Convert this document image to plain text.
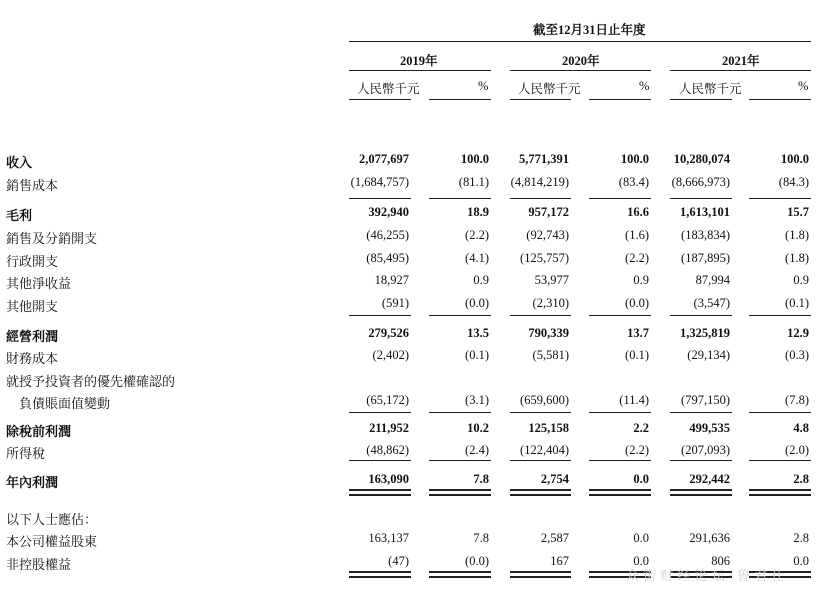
截至12月31日止年度
2019年	2020年	2021年
人民幣千元	% 人民幣千元	% 人民幣千元	%
收入	2,077,697	100.0 5,771,391	100.0 10,280,074	100.0
銷售成本	(1,684,757)	(81.1) (4,814,219)	(83.4) (8,666,973)	(84.3)
毛利	392,940	18.9	957,172	16.6 1,613,101	15.7
銷售及分銷開支	(46,255)	(2.2)	(92,743)	(1.6)	(183,834)	(1.8)
行政開支	(85,495)	(4.1) (125,757)	(2.2)	(187,895)	(1.8)
其他淨收益	18,927	0.9	53,977	0.9	87,994	0.9
其他開支	(591)	(0.0)	(2,310)	(0.0)	(3,547)	(0.1)
經營利潤	279,526	13.5	790,339	13.7 1,325,819	12.9
財務成本	(2,402)	(0.1)	(5,581)	(0.1)	(29,134)	(0.3)
就授予投資者的優先權確認的
　負債賬面值變動	(65,172)	(3.1) (659,600)	(11.4)	(797,150)	(7.8)
除稅前利潤	211,952	10.2	125,158	2.2	499,535	4.8
所得稅	(48,862)	(2.4) (122,404)	(2.2)	(207,093)	(2.0)
年內利潤	163,090	7.8	2,754	0.0	292,442	2.8
以下人士應佔：
本公司權益股東	163,137	7.8	2,587	0.0	291,636	2.8
非控股權益	(47)	(0.0)	167	0.0	806	0.0
众 街 财 经 论 坛 · 鲁 君 仕
